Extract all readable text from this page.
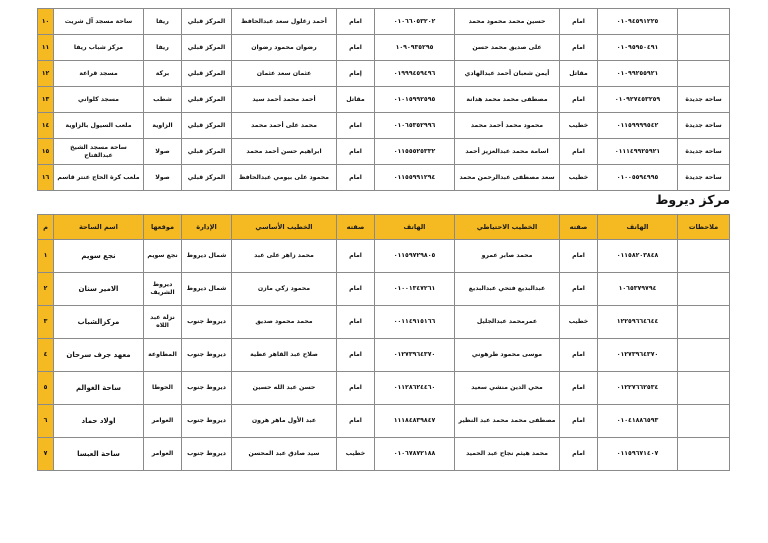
	٠١٠٩٤٥٩١٢٢٥	امام	حسين محمد محمود محمد	٠١٠٦٦٠٥٣٢٠٢	امام	أحمد زغلول سعد عبدالحافظ	المركز قبلي	ريفا	ساحة مسجد آل شريت	١٠
	٠١٠٩٥٩٥٠٤٩١	امام	على صديق محمد حسن	١٠٩٠٩٣٥٢٩٥	امام	رضوان محمود رضوان	المركز قبلي	ريفا	مركز شباب ريفا	١١
	٠١٠٩٩٢٥٥٩٢١	مقاتل	أيمن شعبان أحمد عبدالهادي	٠١٩٩٩٤٥٩٤٩٦	إمام	عثمان سعد عثمان	المركز قبلي	بركة	مسجد قراعة	١٢
ساحة جديدة	٠١٠٩٢٧٤٥٣٢٥٩	امام	مصطفى محمد محمد هدانة	٠١٠١٥٩٩٢٥٩٥	مقاتل	أحمد محمد أحمد سيد	المركز قبلي	شطب	مسجد كلواني	١٣
ساحة جديدة	٠١١٥٩٩٩٩٥٤٢	خطيب	محمود محمد أحمد محمد	٠١٠٦٥٣٥٢٩٩٦	امام	محمد على أحمد محمد	المركز قبلي	الزاوية	ملعب السيول بالزاوية	١٤
ساحة جديدة	٠١١١٤٩٩٢٥٩٢١	امام	اسامة محمد عبدالعزيز أحمد	٠١١٥٥٥٢٥٣٣٢	امام	ابراهيم حسن أحمد محمد	المركز قبلي	صولا	ساحة مسجد الشيخ عبدالفتاح	١٥
ساحة جديدة	٠١٠٠٥٥٩٤٩٩٥	خطيب	سعد مصطفى عبدالرحمن محمد	٠١١٥٥٩٩١٢٩٤	امام	محمود على بيومي عبدالحافظ	المركز قبلي	صولا	ملعب كرة الحاج عنتر قاسم	١٦
مركز ديروط
ملاحظات	الهاتف	صفته	الخطيب الاحتياطي	الهاتف	صفته	الخطيب الأساسي	الإدارة	موقعها	اسم الساحة	م
	٠١١٥٨٢٠٣٨٤٨	امام	محمد صابر عمرو	٠١١٥٩٧٢٩٨٠٥	امام	محمد زاهر على عبد	شمال ديروط	نجع سويم	نجع سويم	١
	١٠٦٥٣٧٩٧٩٤	امام	عبدالبديع فتحي عبدالبديع	٠١٠٠١٣٤٧٢٦١	امام	محمود زكي مازن	شمال ديروط	ديروط الشريف	الامير سنان	٢
	١٢٢٥٩٦٦٤٦٤٤	خطيب	عمرمحمد عبدالجليل	٠٠١١٤٩١٥١٦٦	امام	محمد محمود صديق	ديروط جنوب	نزلة عبد اللاه	مركزالشباب	٣
	٠١٢٧٣٩٦٤٣٧٠	امام	موسى محمود طرهوني	٠١٢٧٣٩٦٤٣٧٠	امام	صلاح عبد القاهر عطية	ديروط جنوب	المطاوعة	معهد جرف سرحان	٤
	٠١٢٢٧٦٦٢٥٣٤	امام	محي الدين منشي سعيد	٠١١٢٨٦٢٤٤٦٠	امام	حسن عبد الله حسين	ديروط جنوب	الحوطا	ساحة الغوالم	٥
	٠١٠٤١٨٨٦٥٩٣	امام	مصطفى محمد محمد عبد النظير	١١١٨٤٨٣٩٨٤٧	امام	عبد الأول ماهر هرون	ديروط جنوب	العوامر	اولاد حماد	٦
	٠١١٥٩٦٧١٤٠٧	امام	محمد هيثم نجاح عبد الحميد	٠١٠٦٧٨٧٢١٨٨	خطيب	سيد صادق عبد المحسن	ديروط جنوب	العوامر	ساحة العبسا	٧
